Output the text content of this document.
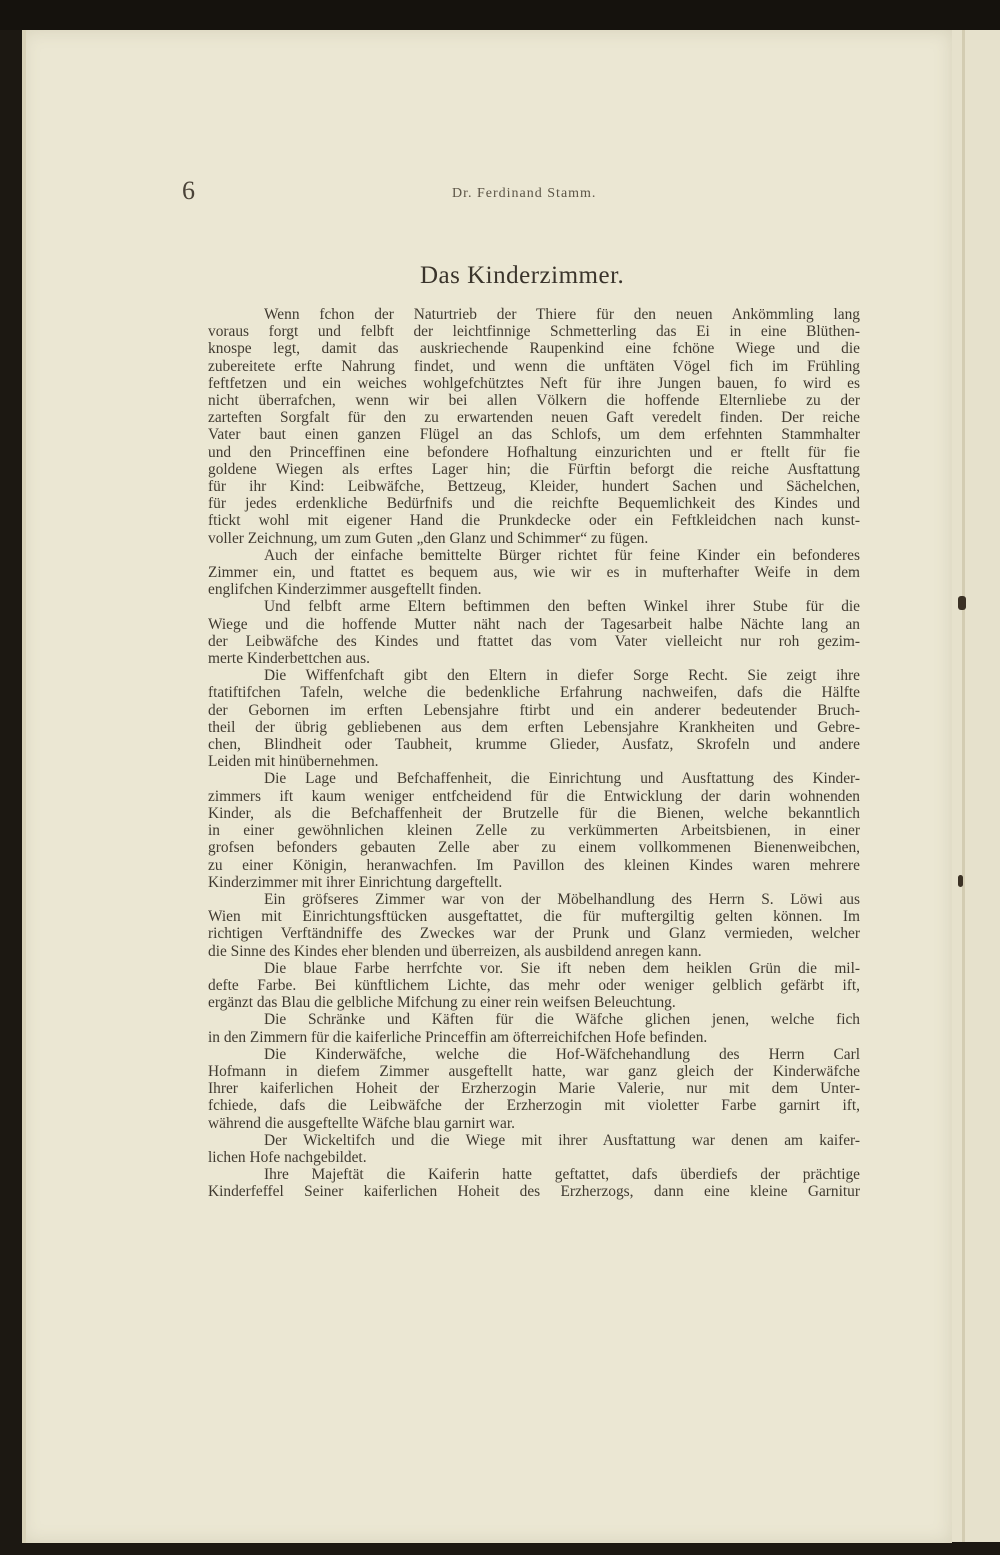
6	Dr. Ferdinand Stamm.
Das Kinderzimmer.

Wenn fchon der Naturtrieb der Thiere für den neuen Ankömmling lang
voraus forgt und felbft der leichtfinnige Schmetterling das Ei in eine Blüthen-
knospe legt, damit das auskriechende Raupenkind eine fchöne Wiege und die
zubereitete erfte Nahrung findet, und wenn die unftäten Vögel fich im Frühling
feftfetzen und ein weiches wohlgefchütztes Neft für ihre Jungen bauen, fo wird es
nicht überrafchen, wenn wir bei allen Völkern die hoffende Elternliebe zu der
zarteften Sorgfalt für den zu erwartenden neuen Gaft veredelt finden. Der reiche
Vater baut einen ganzen Flügel an das Schlofs, um dem erfehnten Stammhalter
und den Princeffinen eine befondere Hofhaltung einzurichten und er ftellt für fie
goldene Wiegen als erftes Lager hin; die Fürftin beforgt die reiche Ausftattung
für ihr Kind: Leibwäfche, Bettzeug, Kleider, hundert Sachen und Sächelchen,
für jedes erdenkliche Bedürfnifs und die reichfte Bequemlichkeit des Kindes und
ftickt wohl mit eigener Hand die Prunkdecke oder ein Feftkleidchen nach kunst-
voller Zeichnung, um zum Guten „den Glanz und Schimmer“ zu fügen.

Auch der einfache bemittelte Bürger richtet für feine Kinder ein befonderes
Zimmer ein, und ftattet es bequem aus, wie wir es in mufterhafter Weife in dem
englifchen Kinderzimmer ausgeftellt finden.

Und felbft arme Eltern beftimmen den beften Winkel ihrer Stube für die
Wiege und die hoffende Mutter näht nach der Tagesarbeit halbe Nächte lang an
der Leibwäfche des Kindes und ftattet das vom Vater vielleicht nur roh gezim-
merte Kinderbettchen aus.

Die Wiffenfchaft gibt den Eltern in diefer Sorge Recht. Sie zeigt ihre
ftatiftifchen Tafeln, welche die bedenkliche Erfahrung nachweifen, dafs die Hälfte
der Gebornen im erften Lebensjahre ftirbt und ein anderer bedeutender Bruch-
theil der übrig gebliebenen aus dem erften Lebensjahre Krankheiten und Gebre-
chen, Blindheit oder Taubheit, krumme Glieder, Ausfatz, Skrofeln und andere
Leiden mit hinübernehmen.

Die Lage und Befchaffenheit, die Einrichtung und Ausftattung des Kinder-
zimmers ift kaum weniger entfcheidend für die Entwicklung der darin wohnenden
Kinder, als die Befchaffenheit der Brutzelle für die Bienen, welche bekanntlich
in einer gewöhnlichen kleinen Zelle zu verkümmerten Arbeitsbienen, in einer
grofsen befonders gebauten Zelle aber zu einem vollkommenen Bienenweibchen,
zu einer Königin, heranwachfen. Im Pavillon des kleinen Kindes waren mehrere
Kinderzimmer mit ihrer Einrichtung dargeftellt.

Ein gröfseres Zimmer war von der Möbelhandlung des Herrn S. Löwi aus
Wien mit Einrichtungsftücken ausgeftattet, die für muftergiltig gelten können. Im
richtigen Verftändniffe des Zweckes war der Prunk und Glanz vermieden, welcher
die Sinne des Kindes eher blenden und überreizen, als ausbildend anregen kann.

Die blaue Farbe herrfchte vor. Sie ift neben dem heiklen Grün die mil-
defte Farbe. Bei künftlichem Lichte, das mehr oder weniger gelblich gefärbt ift,
ergänzt das Blau die gelbliche Mifchung zu einer rein weifsen Beleuchtung.

Die Schränke und Käften für die Wäfche glichen jenen, welche fich
in den Zimmern für die kaiferliche Princeffin am öfterreichifchen Hofe befinden.

Die Kinderwäfche, welche die Hof-Wäfchehandlung des Herrn Carl
Hofmann in diefem Zimmer ausgeftellt hatte, war ganz gleich der Kinderwäfche
Ihrer kaiferlichen Hoheit der Erzherzogin Marie Valerie, nur mit dem Unter-
fchiede, dafs die Leibwäfche der Erzherzogin mit violetter Farbe garnirt ift,
während die ausgeftellte Wäfche blau garnirt war.

Der Wickeltifch und die Wiege mit ihrer Ausftattung war denen am kaifer-
lichen Hofe nachgebildet.

Ihre Majeftät die Kaiferin hatte geftattet, dafs überdiefs der prächtige
Kinderfeffel Seiner kaiferlichen Hoheit des Erzherzogs, dann eine kleine Garnitur
